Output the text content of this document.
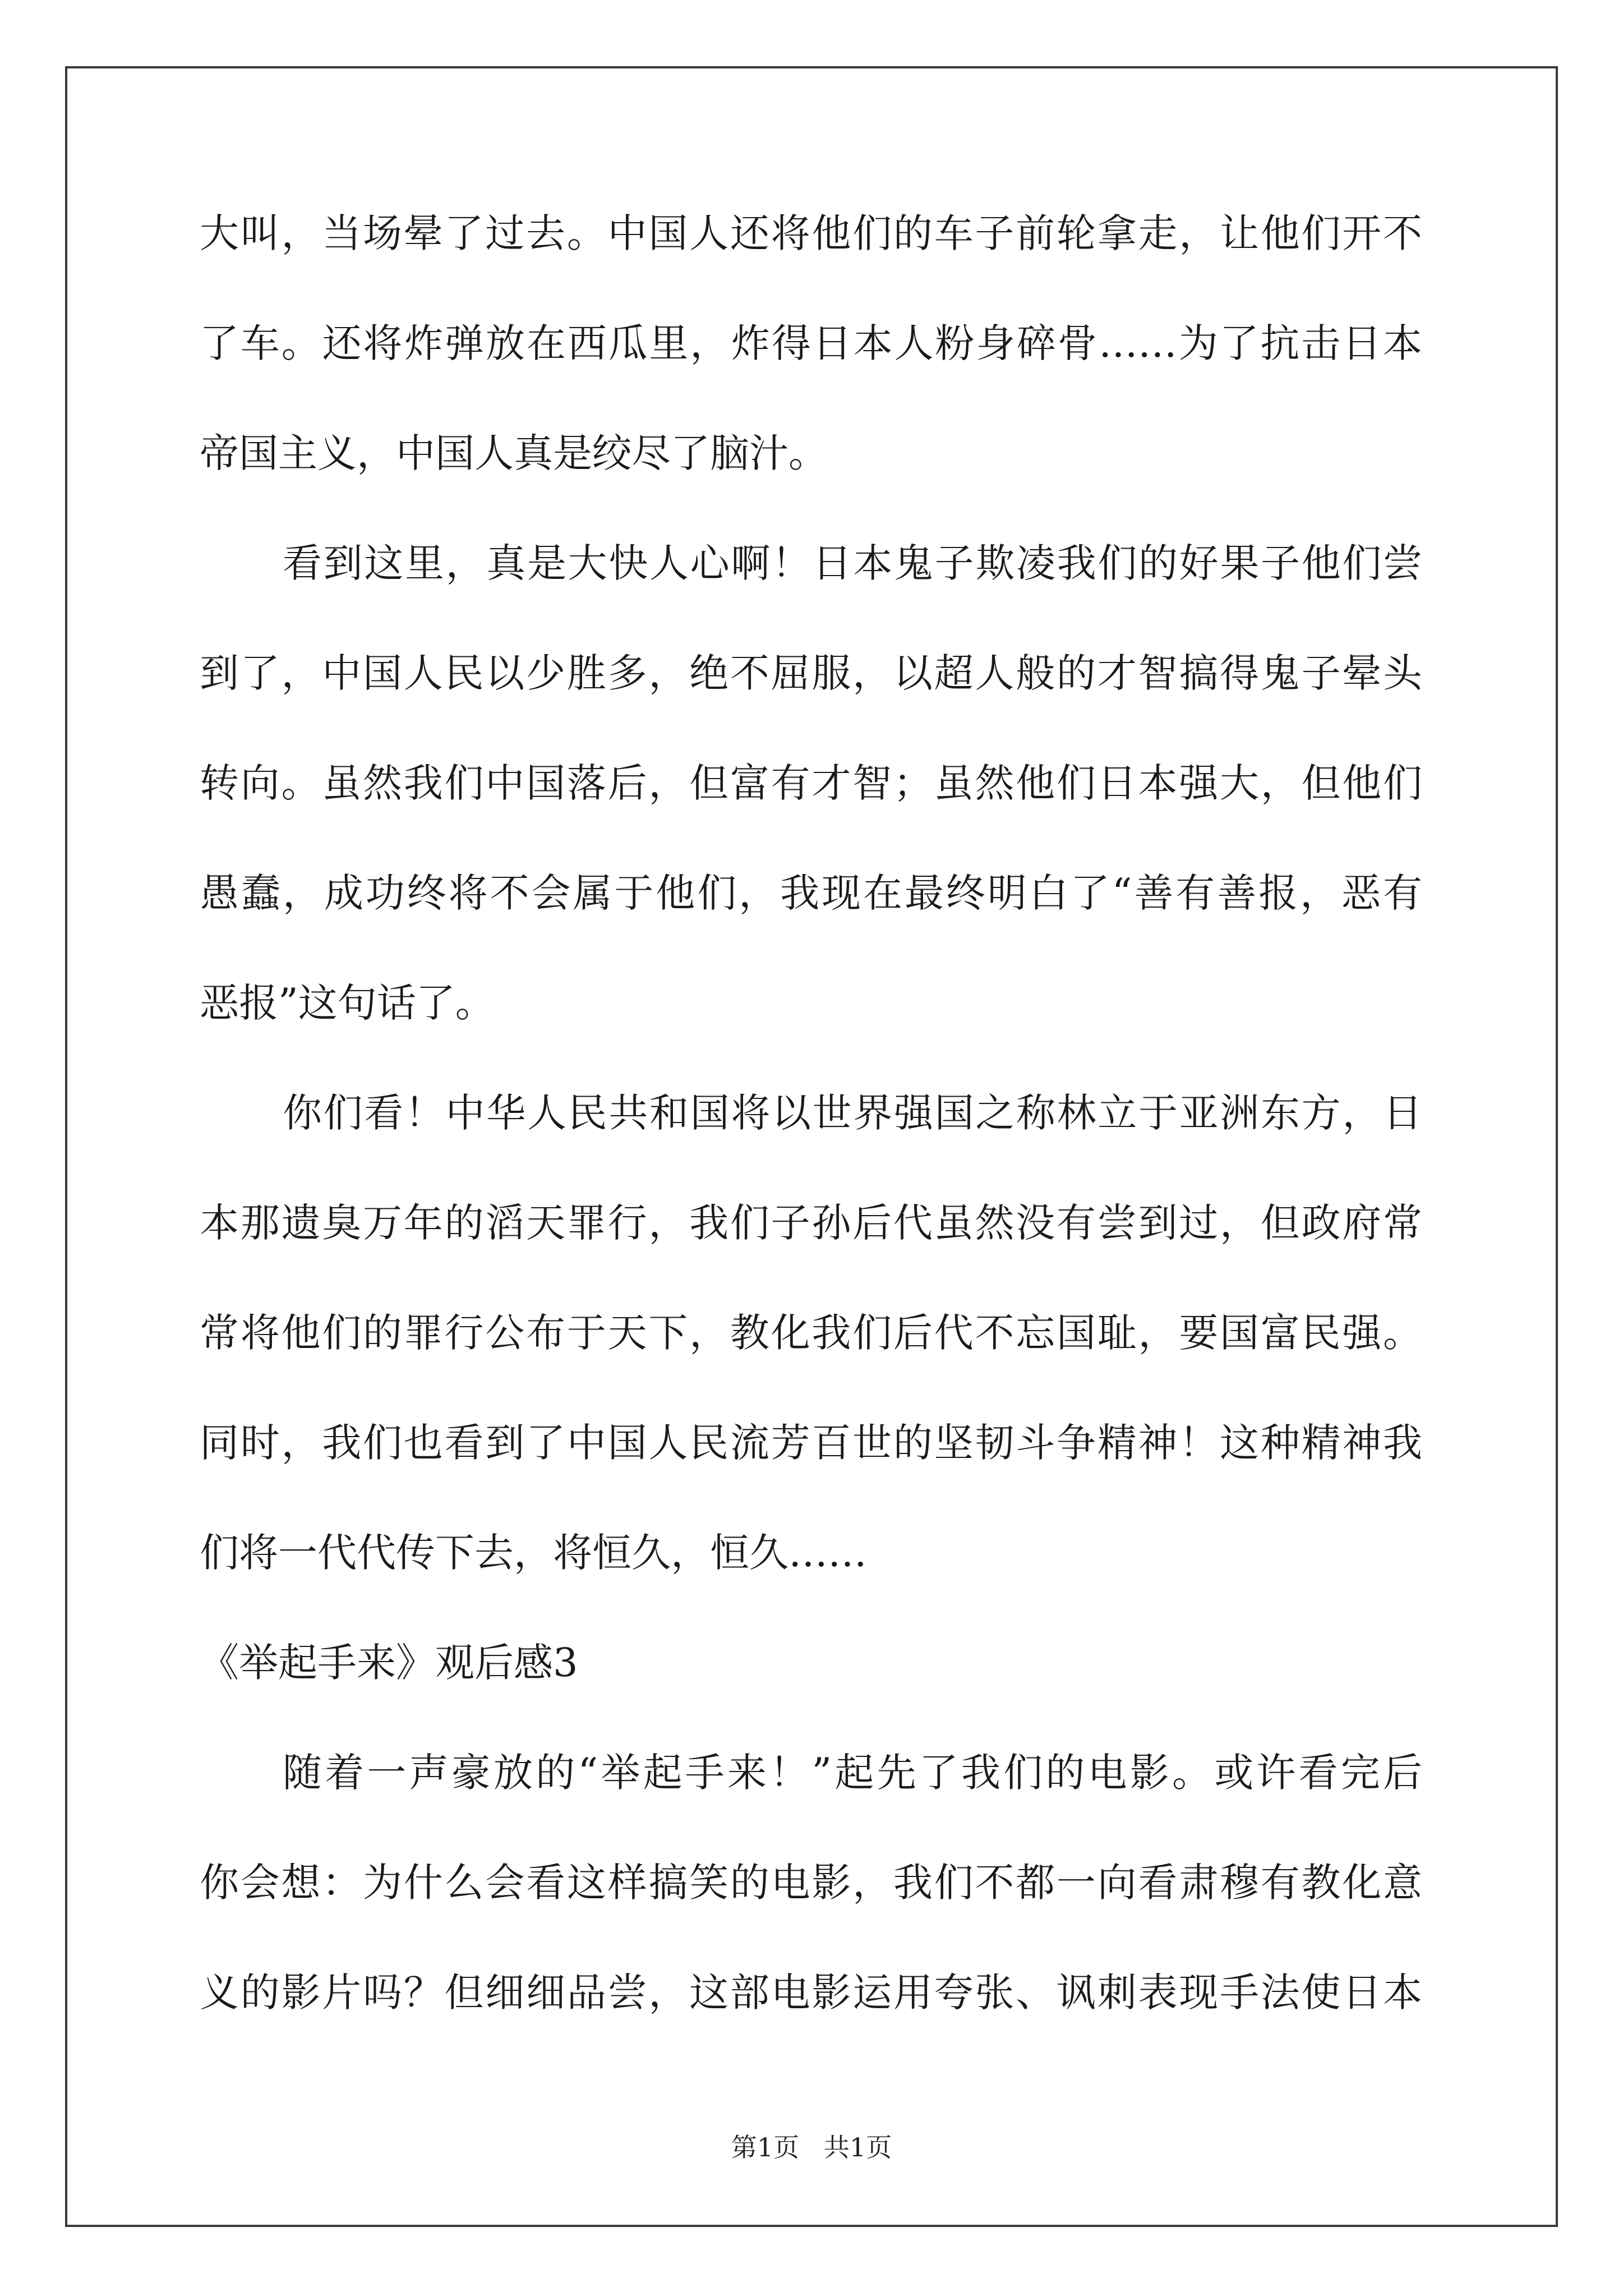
大叫，当场晕了过去。中国人还将他们的车子前轮拿走，让他们开不
了车。还将炸弹放在西瓜里，炸得日本人粉身碎骨……为了抗击日本
帝国主义，中国人真是绞尽了脑汁。
看到这里，真是大快人心啊！日本鬼子欺凌我们的好果子他们尝
到了，中国人民以少胜多，绝不屈服，以超人般的才智搞得鬼子晕头
转向。虽然我们中国落后，但富有才智；虽然他们日本强大，但他们
愚蠢，成功终将不会属于他们，我现在最终明白了“善有善报，恶有
恶报”这句话了。
你们看！中华人民共和国将以世界强国之称林立于亚洲东方，日
本那遗臭万年的滔天罪行，我们子孙后代虽然没有尝到过，但政府常
常将他们的罪行公布于天下，教化我们后代不忘国耻，要国富民强。
同时，我们也看到了中国人民流芳百世的坚韧斗争精神！这种精神我
们将一代代传下去，将恒久，恒久……
《举起手来》观后感3
随着一声豪放的“举起手来！”起先了我们的电影。或许看完后
你会想：为什么会看这样搞笑的电影，我们不都一向看肃穆有教化意
义的影片吗？但细细品尝，这部电影运用夸张、讽刺表现手法使日本
第1页   共1页
